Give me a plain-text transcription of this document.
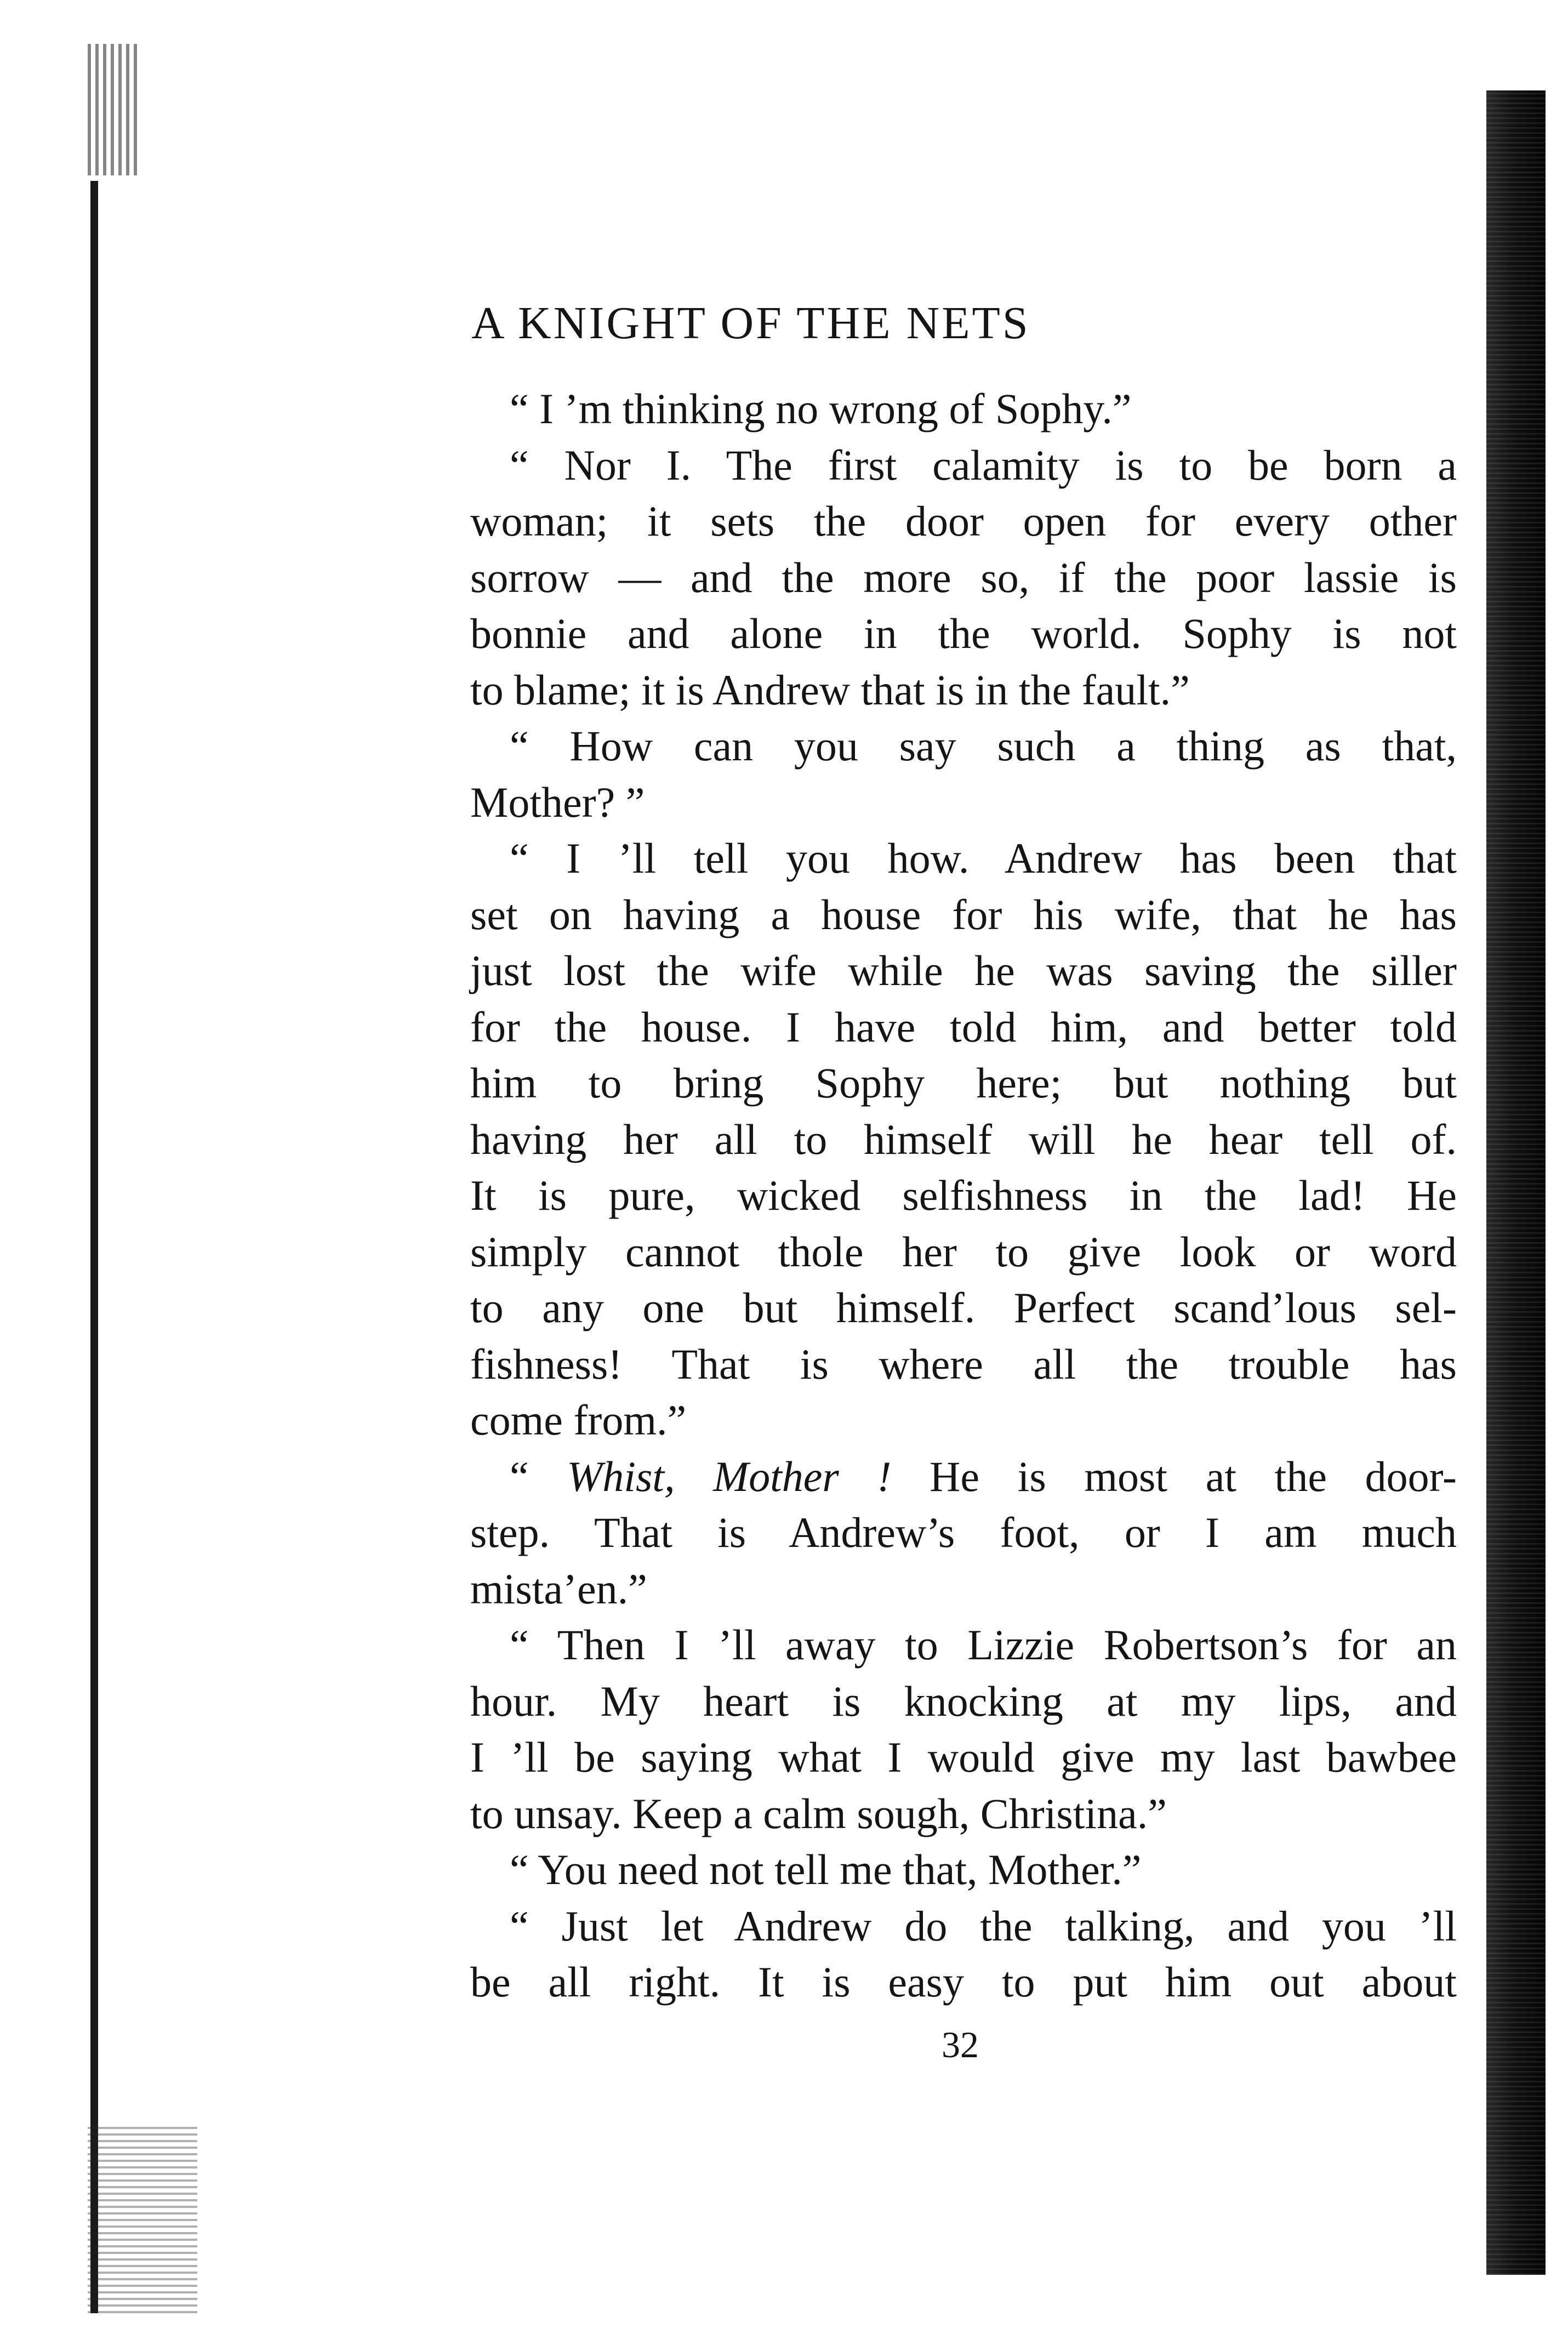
A KNIGHT OF THE NETS
“ I ’m thinking no wrong of Sophy.”
“ Nor I. The first calamity is to be born a
woman; it sets the door open for every other
sorrow — and the more so, if the poor lassie is
bonnie and alone in the world. Sophy is not
to blame; it is Andrew that is in the fault.”
“ How can you say such a thing as that,
Mother? ”
“ I ’ll tell you how. Andrew has been that
set on having a house for his wife, that he has
just lost the wife while he was saving the siller
for the house. I have told him, and better told
him to bring Sophy here; but nothing but
having her all to himself will he hear tell of.
It is pure, wicked selfishness in the lad! He
simply cannot thole her to give look or word
to any one but himself. Perfect scand’lous sel-
fishness! That is where all the trouble has
come from.”
“ Whist, Mother ! He is most at the door-
step. That is Andrew’s foot, or I am much
mista’en.”
“ Then I ’ll away to Lizzie Robertson’s for an
hour. My heart is knocking at my lips, and
I ’ll be saying what I would give my last bawbee
to unsay. Keep a calm sough, Christina.”
“ You need not tell me that, Mother.”
“ Just let Andrew do the talking, and you ’ll
be all right. It is easy to put him out about
32
